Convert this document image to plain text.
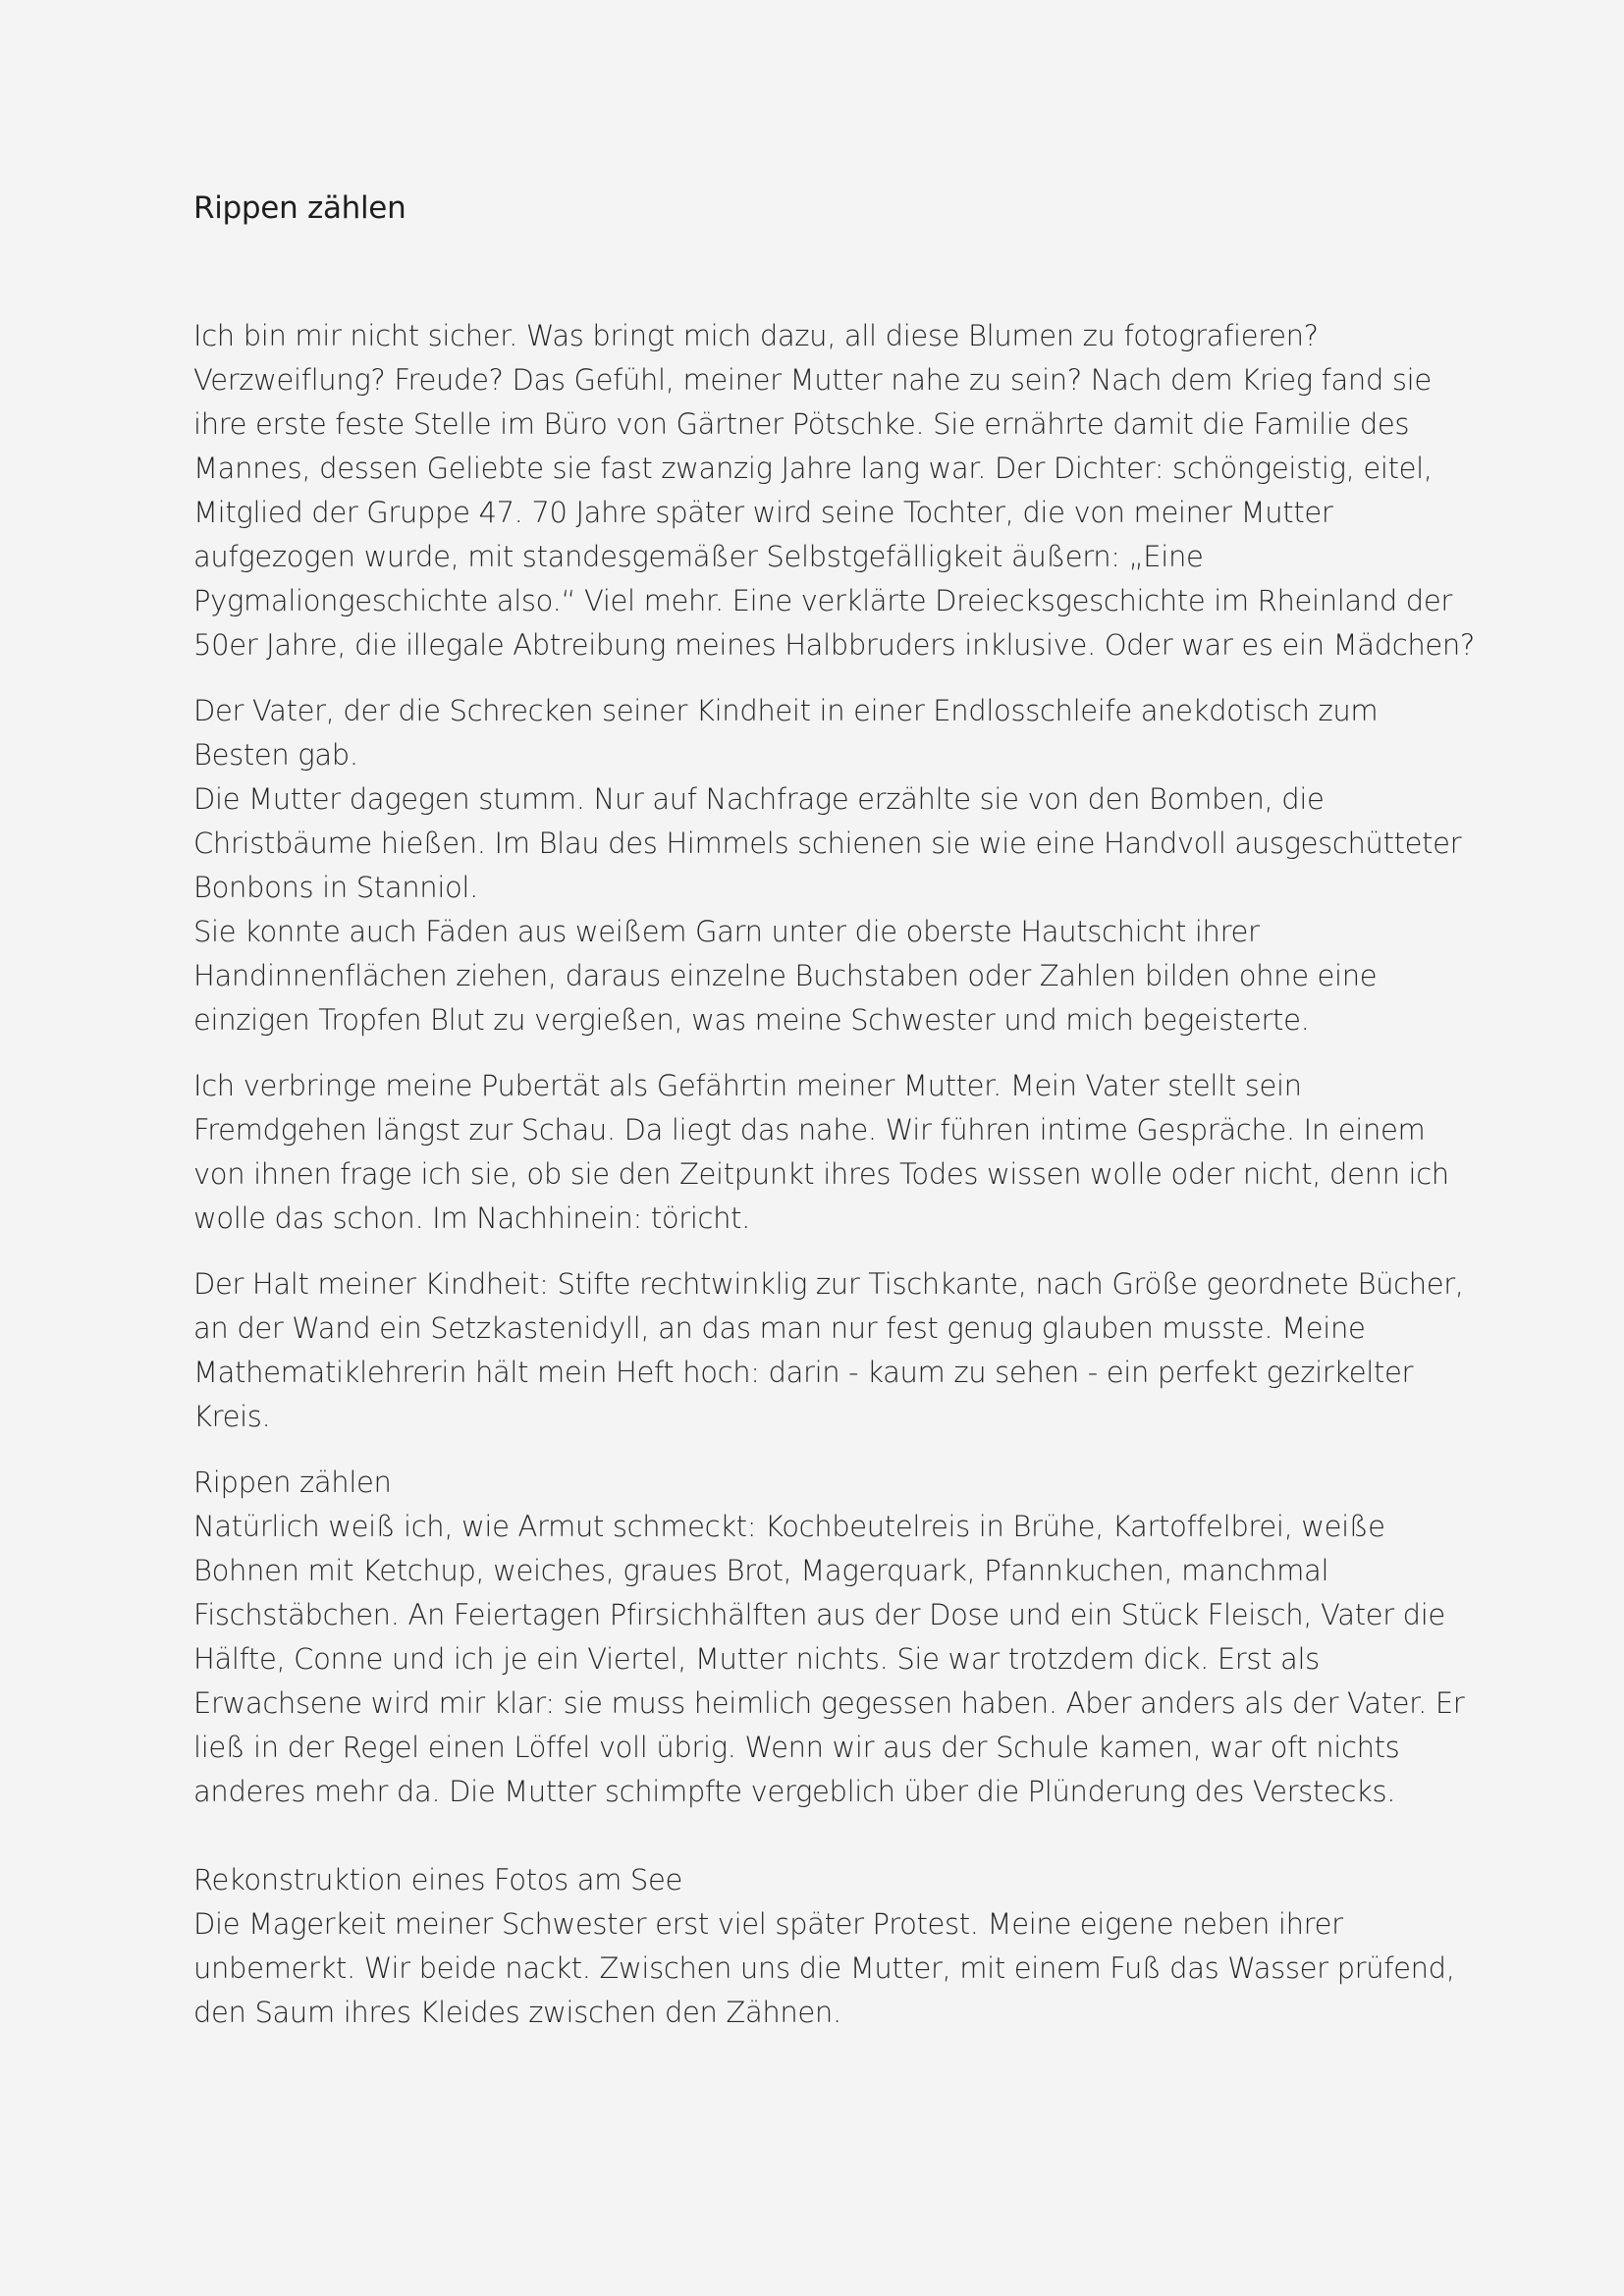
Rippen zählen

Ich bin mir nicht sicher. Was bringt mich dazu, all diese Blumen zu fotografieren?
Verzweiflung? Freude? Das Gefühl, meiner Mutter nahe zu sein? Nach dem Krieg fand sie
ihre erste feste Stelle im Büro von Gärtner Pötschke. Sie ernährte damit die Familie des
Mannes, dessen Geliebte sie fast zwanzig Jahre lang war. Der Dichter: schöngeistig, eitel,
Mitglied der Gruppe 47. 70 Jahre später wird seine Tochter, die von meiner Mutter
aufgezogen wurde, mit standesgemäßer Selbstgefälligkeit äußern: „Eine
Pygmaliongeschichte also.“ Viel mehr. Eine verklärte Dreiecksgeschichte im Rheinland der
50er Jahre, die illegale Abtreibung meines Halbbruders inklusive. Oder war es ein Mädchen?

Der Vater, der die Schrecken seiner Kindheit in einer Endlosschleife anekdotisch zum
Besten gab.
Die Mutter dagegen stumm. Nur auf Nachfrage erzählte sie von den Bomben, die
Christbäume hießen. Im Blau des Himmels schienen sie wie eine Handvoll ausgeschütteter
Bonbons in Stanniol.
Sie konnte auch Fäden aus weißem Garn unter die oberste Hautschicht ihrer
Handinnenflächen ziehen, daraus einzelne Buchstaben oder Zahlen bilden ohne eine
einzigen Tropfen Blut zu vergießen, was meine Schwester und mich begeisterte.

Ich verbringe meine Pubertät als Gefährtin meiner Mutter. Mein Vater stellt sein
Fremdgehen längst zur Schau. Da liegt das nahe. Wir führen intime Gespräche. In einem
von ihnen frage ich sie, ob sie den Zeitpunkt ihres Todes wissen wolle oder nicht, denn ich
wolle das schon. Im Nachhinein: töricht.

Der Halt meiner Kindheit: Stifte rechtwinklig zur Tischkante, nach Größe geordnete Bücher,
an der Wand ein Setzkastenidyll, an das man nur fest genug glauben musste. Meine
Mathematiklehrerin hält mein Heft hoch: darin - kaum zu sehen - ein perfekt gezirkelter
Kreis.

Rippen zählen
Natürlich weiß ich, wie Armut schmeckt: Kochbeutelreis in Brühe, Kartoffelbrei, weiße
Bohnen mit Ketchup, weiches, graues Brot, Magerquark, Pfannkuchen, manchmal
Fischstäbchen. An Feiertagen Pfirsichhälften aus der Dose und ein Stück Fleisch, Vater die
Hälfte, Conne und ich je ein Viertel, Mutter nichts. Sie war trotzdem dick. Erst als
Erwachsene wird mir klar: sie muss heimlich gegessen haben. Aber anders als der Vater. Er
ließ in der Regel einen Löffel voll übrig. Wenn wir aus der Schule kamen, war oft nichts
anderes mehr da. Die Mutter schimpfte vergeblich über die Plünderung des Verstecks.

Rekonstruktion eines Fotos am See
Die Magerkeit meiner Schwester erst viel später Protest. Meine eigene neben ihrer
unbemerkt. Wir beide nackt. Zwischen uns die Mutter, mit einem Fuß das Wasser prüfend,
den Saum ihres Kleides zwischen den Zähnen.
